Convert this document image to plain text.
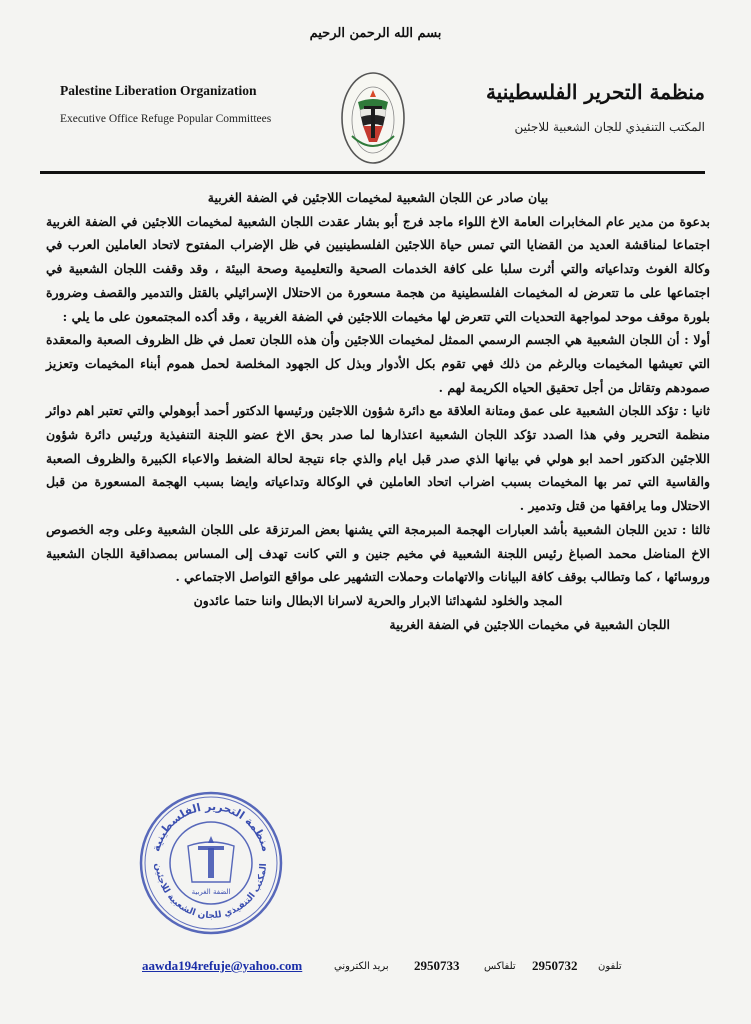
بسم الله الرحمن الرحيم
Palestine Liberation Organization
Executive Office Refuge Popular Committees
منظمة التحرير الفلسطينية
المكتب التنفيذي للجان الشعبية للاجئين

بيان صادر عن اللجان الشعبية لمخيمات اللاجئين في الضفة الغربية

بدعوة من مدير عام المخابرات العامة الاخ اللواء ماجد فرج أبو بشار عقدت اللجان الشعبية لمخيمات اللاجئين في الضفة الغربية اجتماعا لمناقشة العديد من القضايا التي تمس حياة اللاجئين الفلسطينيين في ظل الإضراب المفتوح لاتحاد العاملين العرب في وكالة الغوث وتداعياته والتي أثرت سلبا على كافة الخدمات الصحية والتعليمية وصحة البيئة ، وقد وقفت اللجان الشعبية في اجتماعها على ما تتعرض له المخيمات الفلسطينية من هجمة مسعورة من الاحتلال الإسرائيلي بالقتل والتدمير والقصف وضرورة بلورة موقف موحد لمواجهة التحديات التي تتعرض لها مخيمات اللاجئين في الضفة الغربية ، وقد أكده المجتمعون على ما يلي :

أولا : أن اللجان الشعبية هي الجسم الرسمي الممثل لمخيمات اللاجئين وأن هذه اللجان تعمل في ظل الظروف الصعبة والمعقدة التي تعيشها المخيمات وبالرغم من ذلك فهي تقوم بكل الأدوار وبذل كل الجهود المخلصة لحمل هموم أبناء المخيمات وتعزيز صمودهم وتقاتل من أجل تحقيق الحياه الكريمة لهم .

ثانيا : تؤكد اللجان الشعبية على عمق ومتانة العلاقة مع دائرة شؤون اللاجئين ورئيسها الدكتور أحمد أبوهولي والتي تعتبر اهم دوائر منظمة التحرير وفي هذا الصدد تؤكد اللجان الشعبية اعتذارها لما صدر بحق الاخ عضو اللجنة التنفيذية ورئيس دائرة شؤون اللاجئين الدكتور احمد ابو هولي في بيانها الذي صدر قبل ايام والذي جاء نتيجة لحالة الضغط والاعباء الكبيرة والظروف الصعبة والقاسية التي تمر بها المخيمات بسبب اضراب اتحاد العاملين في الوكالة وتداعياته وايضا بسبب الهجمة المسعورة من قبل الاحتلال وما يرافقها من قتل وتدمير .

ثالثا : تدين اللجان الشعبية بأشد العبارات الهجمة المبرمجة التي يشنها بعض المرتزقة على اللجان الشعبية وعلى وجه الخصوص الاخ المناضل محمد الصباغ رئيس اللجنة الشعبية في مخيم جنين و التي كانت تهدف إلى المساس بمصداقية اللجان الشعبية وروسائها ، كما وتطالب بوقف كافة البيانات والاتهامات وحملات التشهير على مواقع التواصل الاجتماعي .

المجد والخلود لشهدائنا الابرار والحرية لاسرانا الابطال واننا حتما عائدون

اللجان الشعبية في مخيمات اللاجئين في الضفة الغربية

منظمة التحرير الفلسطينية
المكتب التنفيذي للجان الشعبية للاجئين
الضفة الغربية
aawda194refuje@yahoo.com	بريد الكتروني 2950733 تلفاكس 2950732 تلفون
